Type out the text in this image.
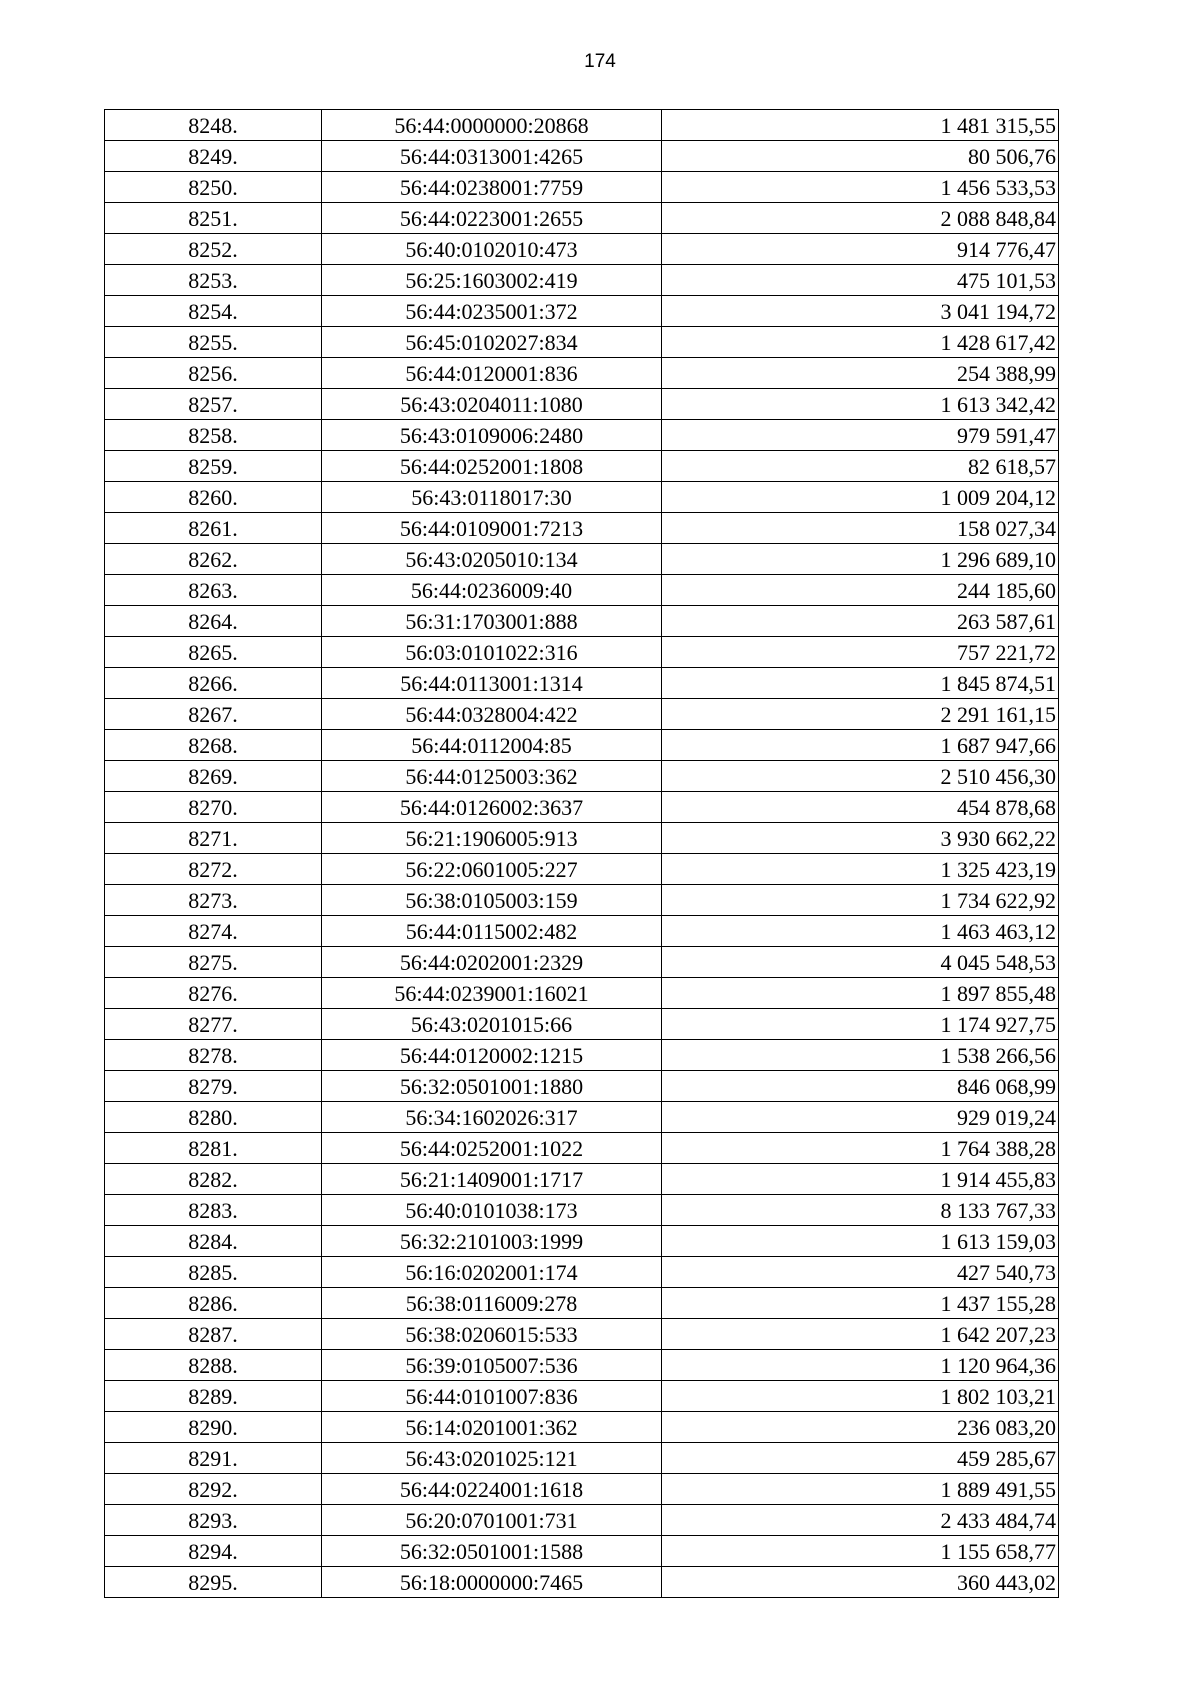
174
8248.	56:44:0000000:20868	1 481 315,55
8249.	56:44:0313001:4265	80 506,76
8250.	56:44:0238001:7759	1 456 533,53
8251.	56:44:0223001:2655	2 088 848,84
8252.	56:40:0102010:473	914 776,47
8253.	56:25:1603002:419	475 101,53
8254.	56:44:0235001:372	3 041 194,72
8255.	56:45:0102027:834	1 428 617,42
8256.	56:44:0120001:836	254 388,99
8257.	56:43:0204011:1080	1 613 342,42
8258.	56:43:0109006:2480	979 591,47
8259.	56:44:0252001:1808	82 618,57
8260.	56:43:0118017:30	1 009 204,12
8261.	56:44:0109001:7213	158 027,34
8262.	56:43:0205010:134	1 296 689,10
8263.	56:44:0236009:40	244 185,60
8264.	56:31:1703001:888	263 587,61
8265.	56:03:0101022:316	757 221,72
8266.	56:44:0113001:1314	1 845 874,51
8267.	56:44:0328004:422	2 291 161,15
8268.	56:44:0112004:85	1 687 947,66
8269.	56:44:0125003:362	2 510 456,30
8270.	56:44:0126002:3637	454 878,68
8271.	56:21:1906005:913	3 930 662,22
8272.	56:22:0601005:227	1 325 423,19
8273.	56:38:0105003:159	1 734 622,92
8274.	56:44:0115002:482	1 463 463,12
8275.	56:44:0202001:2329	4 045 548,53
8276.	56:44:0239001:16021	1 897 855,48
8277.	56:43:0201015:66	1 174 927,75
8278.	56:44:0120002:1215	1 538 266,56
8279.	56:32:0501001:1880	846 068,99
8280.	56:34:1602026:317	929 019,24
8281.	56:44:0252001:1022	1 764 388,28
8282.	56:21:1409001:1717	1 914 455,83
8283.	56:40:0101038:173	8 133 767,33
8284.	56:32:2101003:1999	1 613 159,03
8285.	56:16:0202001:174	427 540,73
8286.	56:38:0116009:278	1 437 155,28
8287.	56:38:0206015:533	1 642 207,23
8288.	56:39:0105007:536	1 120 964,36
8289.	56:44:0101007:836	1 802 103,21
8290.	56:14:0201001:362	236 083,20
8291.	56:43:0201025:121	459 285,67
8292.	56:44:0224001:1618	1 889 491,55
8293.	56:20:0701001:731	2 433 484,74
8294.	56:32:0501001:1588	1 155 658,77
8295.	56:18:0000000:7465	360 443,02
